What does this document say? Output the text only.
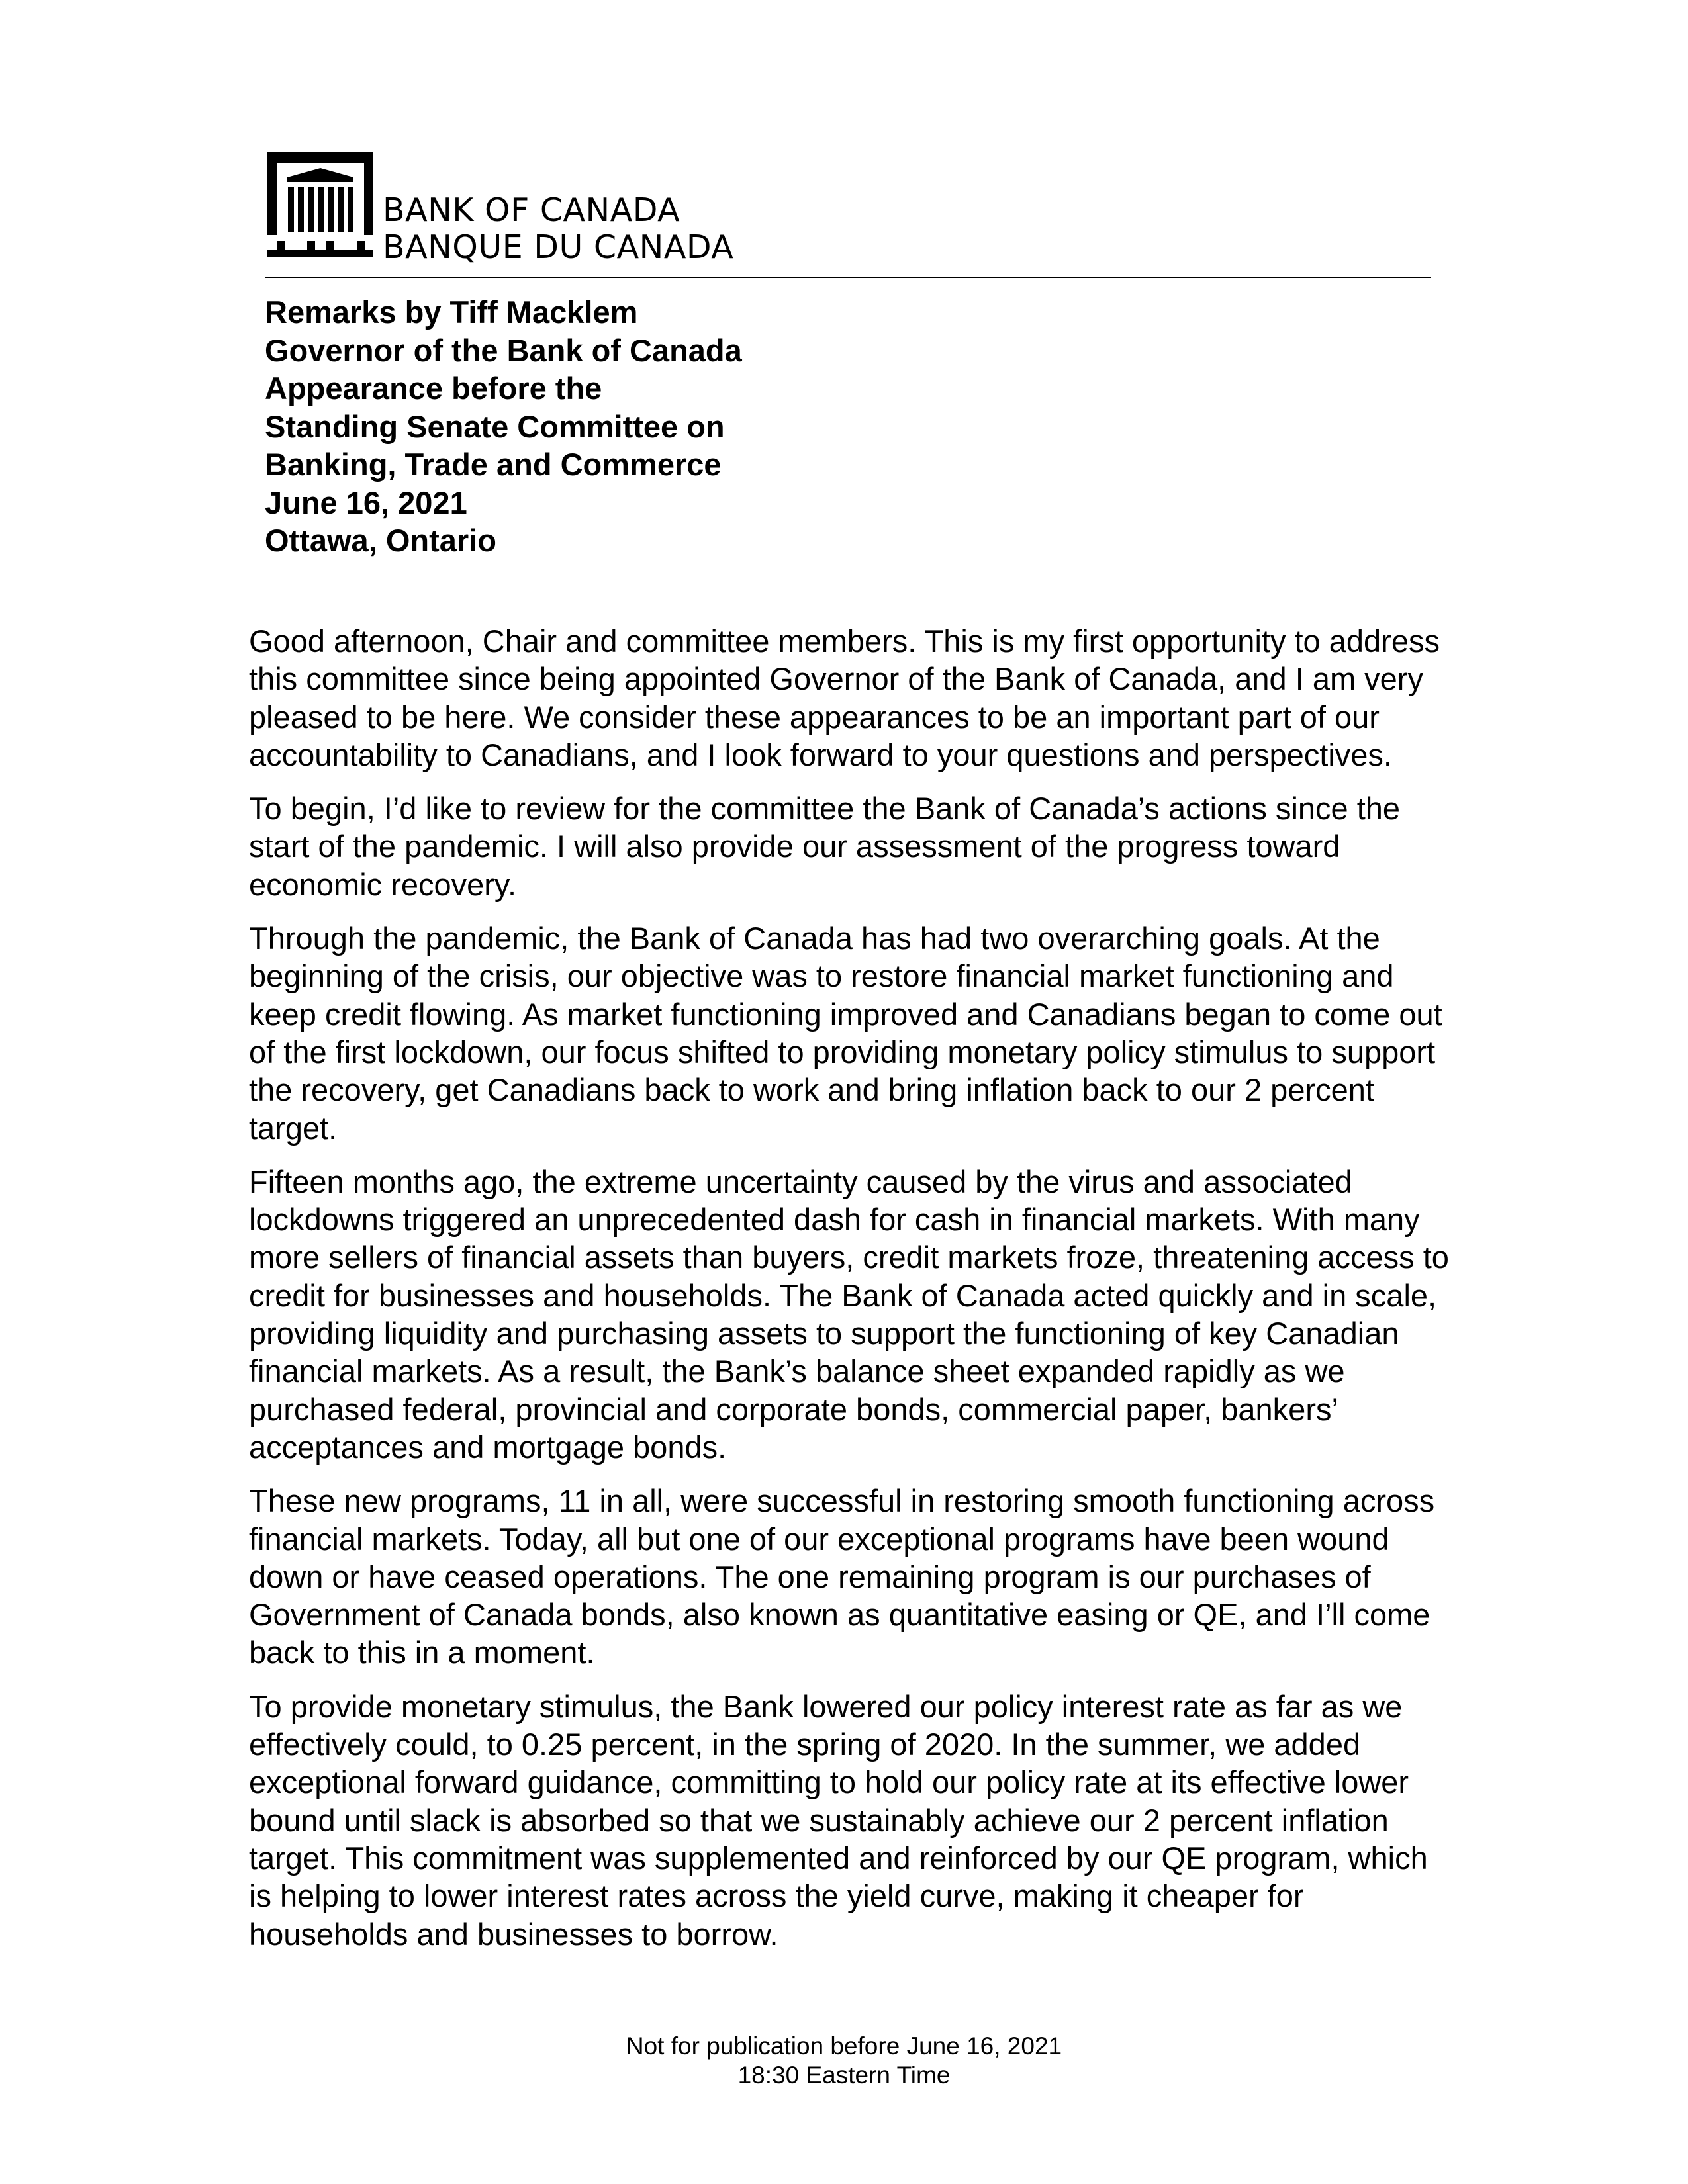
BANK OF CANADA
BANQUE DU CANADA
Remarks by Tiff Macklem
Governor of the Bank of Canada
Appearance before the
Standing Senate Committee on
Banking, Trade and Commerce
June 16, 2021
Ottawa, Ontario

Good afternoon, Chair and committee members. This is my first opportunity to address this committee since being appointed Governor of the Bank of Canada, and I am very pleased to be here. We consider these appearances to be an important part of our accountability to Canadians, and I look forward to your questions and perspectives.

To begin, I’d like to review for the committee the Bank of Canada’s actions since the start of the pandemic. I will also provide our assessment of the progress toward economic recovery.

Through the pandemic, the Bank of Canada has had two overarching goals. At the beginning of the crisis, our objective was to restore financial market functioning and keep credit flowing. As market functioning improved and Canadians began to come out of the first lockdown, our focus shifted to providing monetary policy stimulus to support the recovery, get Canadians back to work and bring inflation back to our 2 percent target.

Fifteen months ago, the extreme uncertainty caused by the virus and associated lockdowns triggered an unprecedented dash for cash in financial markets. With many more sellers of financial assets than buyers, credit markets froze, threatening access to credit for businesses and households. The Bank of Canada acted quickly and in scale, providing liquidity and purchasing assets to support the functioning of key Canadian financial markets. As a result, the Bank’s balance sheet expanded rapidly as we purchased federal, provincial and corporate bonds, commercial paper, bankers’ acceptances and mortgage bonds.

These new programs, 11 in all, were successful in restoring smooth functioning across financial markets. Today, all but one of our exceptional programs have been wound down or have ceased operations. The one remaining program is our purchases of Government of Canada bonds, also known as quantitative easing or QE, and I’ll come back to this in a moment.

To provide monetary stimulus, the Bank lowered our policy interest rate as far as we effectively could, to 0.25 percent, in the spring of 2020. In the summer, we added exceptional forward guidance, committing to hold our policy rate at its effective lower bound until slack is absorbed so that we sustainably achieve our 2 percent inflation target. This commitment was supplemented and reinforced by our QE program, which is helping to lower interest rates across the yield curve, making it cheaper for households and businesses to borrow.

Not for publication before June 16, 2021
18:30 Eastern Time
